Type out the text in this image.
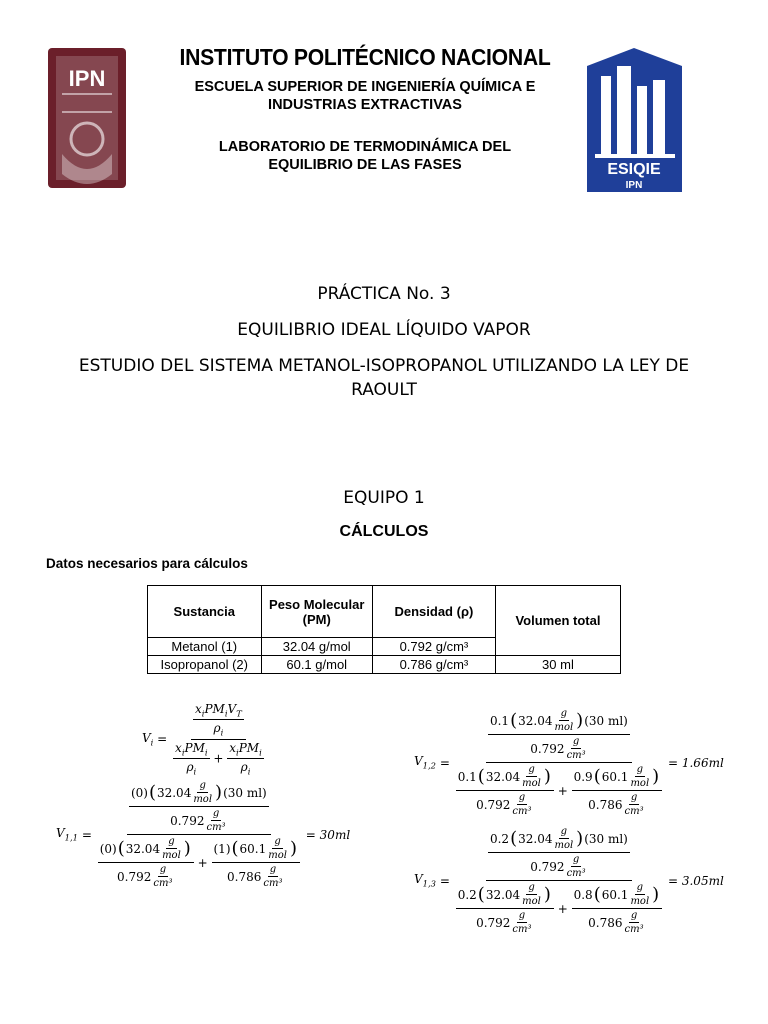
IPN
ESIQIE
IPN
INSTITUTO POLITÉCNICO NACIONAL
ESCUELA SUPERIOR DE INGENIERÍA QUÍMICA E
INDUSTRIAS EXTRACTIVAS
LABORATORIO DE TERMODINÁMICA DEL
EQUILIBRIO DE LAS FASES
PRÁCTICA No. 3
EQUILIBRIO IDEAL LÍQUIDO VAPOR
ESTUDIO DEL SISTEMA METANOL-ISOPROPANOL UTILIZANDO LA LEY DE
RAOULT
EQUIPO 1
CÁLCULOS
Datos necesarios para cálculos
Sustancia	Peso Molecular (PM)	Densidad (ρ)	Volumen total
Metanol (1)	32.04 g/mol	0.792 g/cm³	
Isopropanol (2)	60.1 g/mol	0.786 g/cm³	30 ml
$V_i = \frac{\frac{x_iPM_iV_T}{\rho_i}}{\frac{x_iPM_i}{\rho_i} + \frac{x_iPM_i}{\rho_i}}$
$V_{1,1}$ =
$\frac{(0) ( 32.04 \frac{g}{\text{mol}} ) (30 ml)}{0.792 \frac{g}{\text{cm³}}}$
$\frac{(0) ( 32.04 \frac{g}{\text{mol}} )}{0.792 \frac{g}{\text{cm³}}} + \frac{(1) ( 60.1 \frac{g}{\text{mol}} )}{0.786 \frac{g}{\text{cm³}}}$
= 30ml
$V_{1,2}$ =
$\frac{0.1 ( 32.04 \frac{g}{\text{mol}} ) (30 ml)}{0.792 \frac{g}{\text{cm³}}}$
$\frac{0.1 ( 32.04 \frac{g}{\text{mol}} )}{0.792 \frac{g}{\text{cm³}}} + \frac{0.9 ( 60.1 \frac{g}{\text{mol}} )}{0.786 \frac{g}{\text{cm³}}}$
= 1.66ml
$V_{1,3}$ =
$\frac{0.2 ( 32.04 \frac{g}{\text{mol}} ) (30 ml)}{0.792 \frac{g}{\text{cm³}}}$
$\frac{0.2 ( 32.04 \frac{g}{\text{mol}} )}{0.792 \frac{g}{\text{cm³}}} + \frac{0.8 ( 60.1 \frac{g}{\text{mol}} )}{0.786 \frac{g}{\text{cm³}}}$
= 3.05ml
